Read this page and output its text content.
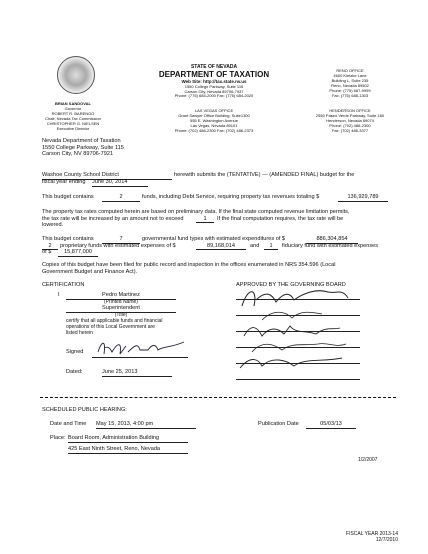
STATE OF NEVADA
DEPARTMENT OF TAXATION
Web Site: http://tax.state.nv.us
1550 College Parkway, Suite 115
Carson City, Nevada 89706-7937
Phone: (775) 684-2000 Fax: (775) 684-2020
RENO OFFICE
4600 Kietzke Lane
Building L, Suite 235
Reno, Nevada 89502
Phone: (775) 687-9999
Fax: (775) 688-1303
BRIAN SANDOVAL
Governor
ROBERT R. BARENGO
Chair, Nevada Tax Commission
CHRISTOPHER G. NIELSEN
Executive Director
LAS VEGAS OFFICE
Grant Sawyer Office Building, Suite1300
555 E. Washington Avenue
Las Vegas, Nevada 89101
Phone: (702) 486-2300 Fax: (702) 486-2373
HENDERSON OFFICE
2550 Paseo Verde Parkway, Suite 180
Henderson, Nevada 89074
Phone: (702) 486-2300
Fax: (702) 486-3377
Nevada Department of Taxation
1550 College Parkway, Suite 115
Carson City, NV 89706-7921
Washoe County School District	herewith submits the (TENTATIVE) — (AMENDED FINAL) budget for the
fiscal year ending June 30, 2014
This budget contains	2	funds, including Debt Service, requiring property tax revenues totaling $	136,929,789
The property tax rates computed herein are based on preliminary data. If the final state computed revenue limitation permits,
the tax rate will be increased by an amount not to exceed	1	If the final computation requires, the tax rate will be
lowered.
This budget contains	7	governmental fund types with estimated expenditures of $	886,304,854
2	proprietary funds with estimated expenses of $	89,168,014	and	1	fiduciary fund with estimated expenses
of $	15,877,000
Copies of this budget have been filed for public record and inspection in the offices enumerated in NRS 354.596 (Local
Government Budget and Finance Act).
CERTIFICATION	APPROVED BY THE GOVERNING BOARD
I	Pedro Martinez
(Printed Name)
Superintendent
(Title)
certify that all applicable funds and financial
operations of this Local Government are
listed herein
Signed
Dated:	June 25, 2013
SCHEDULED PUBLIC HEARING:
Date and Time May 15, 2013, 4:00 pm	Publication Date	05/03/13
Place: Board Room, Administration Building
425 East Ninth Street, Reno, Nevada
1/2/2007
FISCAL YEAR 2013-14
12/7/2010
